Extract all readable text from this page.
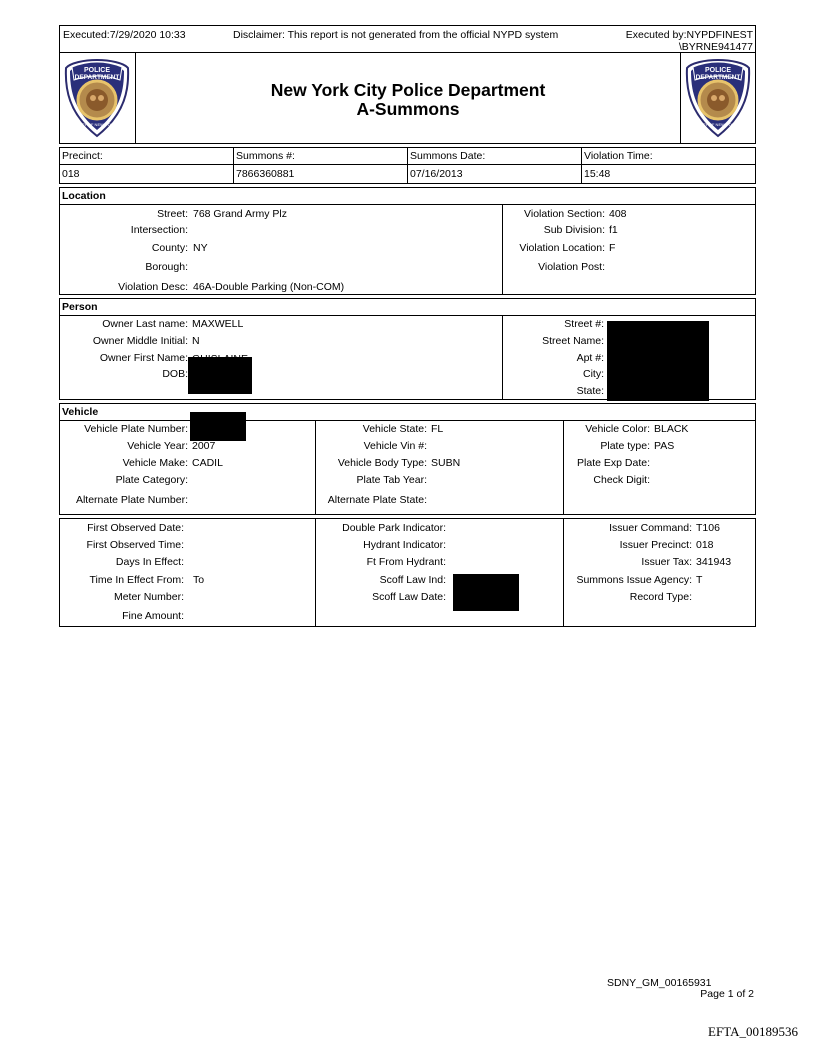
Executed:7/29/2020 10:33	Disclaimer: This report is not generated from the official NYPD system	Executed by:NYPDFINEST
\BYRNE941477
POLICE
DEPARTMENT
CITY OF NEW YORK
New York City Police Department
A-Summons
POLICE
DEPARTMENT
CITY OF NEW YORK
Precinct:
018
Summons #:
7866360881
Summons Date:
07/16/2013
Violation Time:
15:48
Location
Street: 768 Grand Army Plz
Intersection:
County: NY
Borough:
Violation Desc: 46A-Double Parking (Non-COM)
Violation Section: 408
Sub Division: f1
Violation Location: F
Violation Post:
Person
Owner Last name: MAXWELL
Owner Middle Initial: N
Owner First Name:
DOB:
Street #:
Street Name:
Apt #:
City:
State:
Vehicle
Vehicle Plate Number:
Vehicle Year: 2007
Vehicle Make: CADIL
Plate Category:
Alternate Plate Number:
Vehicle State: FL
Vehicle Vin #:
Vehicle Body Type: SUBN
Plate Tab Year:
Alternate Plate State:
Vehicle Color: BLACK
Plate type: PAS
Plate Exp Date:
Check Digit:
First Observed Date:
First Observed Time:
Days In Effect:
Time In Effect From: To
Meter Number:
Fine Amount:
Double Park Indicator:
Hydrant Indicator:
Ft From Hydrant:
Scoff Law Ind:
Scoff Law Date:
Issuer Command: T106
Issuer Precinct: 018
Issuer Tax: 341943
Summons Issue Agency: T
Record Type:
SDNY_GM_00165931
Page 1 of 2
EFTA_00189536
